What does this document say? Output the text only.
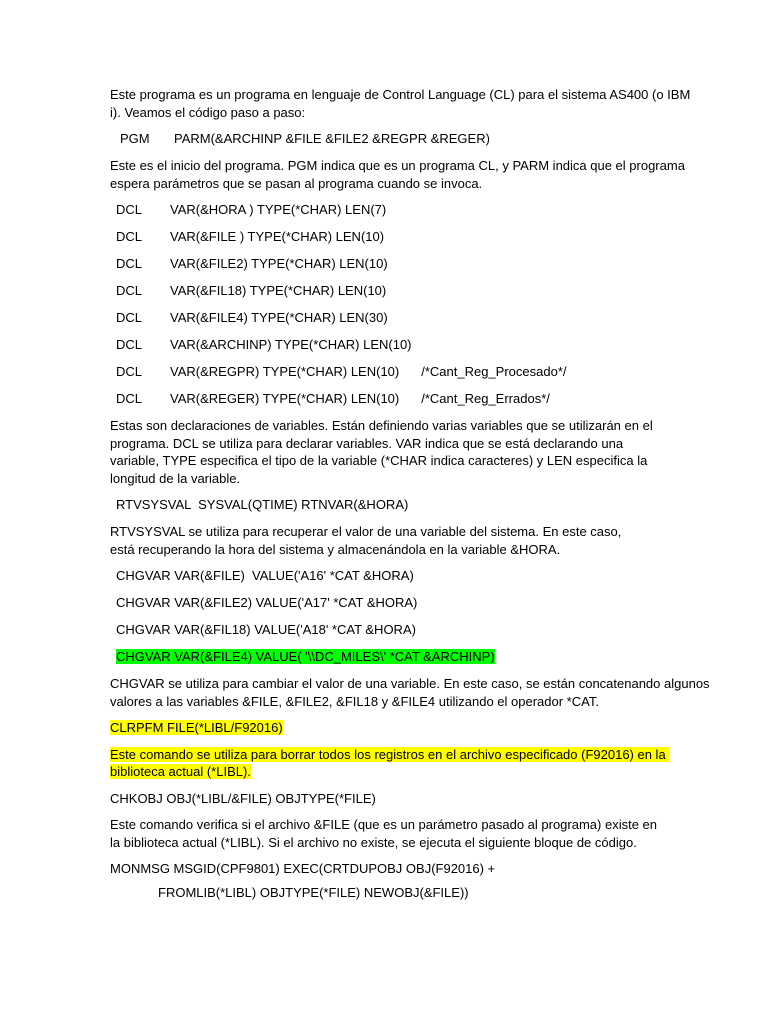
Este programa es un programa en lenguaje de Control Language (CL) para el sistema AS400 (o IBM i). Veamos el código paso a paso:

PGM PARM(&ARCHINP &FILE &FILE2 &REGPR &REGER)

Este es el inicio del programa. PGM indica que es un programa CL, y PARM indica que el programa espera parámetros que se pasan al programa cuando se invoca.

DCL VAR(&HORA ) TYPE(*CHAR) LEN(7)
DCL VAR(&FILE ) TYPE(*CHAR) LEN(10)
DCL VAR(&FILE2) TYPE(*CHAR) LEN(10)
DCL VAR(&FIL18) TYPE(*CHAR) LEN(10)
DCL VAR(&FILE4) TYPE(*CHAR) LEN(30)
DCL VAR(&ARCHINP) TYPE(*CHAR) LEN(10)
DCL VAR(&REGPR) TYPE(*CHAR) LEN(10) /*Cant_Reg_Procesado*/
DCL VAR(&REGER) TYPE(*CHAR) LEN(10) /*Cant_Reg_Errados*/

Estas son declaraciones de variables. Están definiendo varias variables que se utilizarán en el programa. DCL se utiliza para declarar variables. VAR indica que se está declarando una variable, TYPE especifica el tipo de la variable (*CHAR indica caracteres) y LEN especifica la longitud de la variable.

RTVSYSVAL  SYSVAL(QTIME) RTNVAR(&HORA)

RTVSYSVAL se utiliza para recuperar el valor de una variable del sistema. En este caso, está recuperando la hora del sistema y almacenándola en la variable &HORA.

CHGVAR VAR(&FILE)  VALUE('A16' *CAT &HORA)
CHGVAR VAR(&FILE2) VALUE('A17' *CAT &HORA)
CHGVAR VAR(&FIL18) VALUE('A18' *CAT &HORA)
CHGVAR VAR(&FILE4) VALUE( '\\DC_MILES\' *CAT &ARCHINP)

CHGVAR se utiliza para cambiar el valor de una variable. En este caso, se están concatenando algunos valores a las variables &FILE, &FILE2, &FIL18 y &FILE4 utilizando el operador *CAT.

CLRPFM FILE(*LIBL/F92016)

Este comando se utiliza para borrar todos los registros en el archivo especificado (F92016) en la biblioteca actual (*LIBL).

CHKOBJ OBJ(*LIBL/&FILE) OBJTYPE(*FILE)

Este comando verifica si el archivo &FILE (que es un parámetro pasado al programa) existe en la biblioteca actual (*LIBL). Si el archivo no existe, se ejecuta el siguiente bloque de código.

MONMSG MSGID(CPF9801) EXEC(CRTDUPOBJ OBJ(F92016) +
FROMLIB(*LIBL) OBJTYPE(*FILE) NEWOBJ(&FILE))
